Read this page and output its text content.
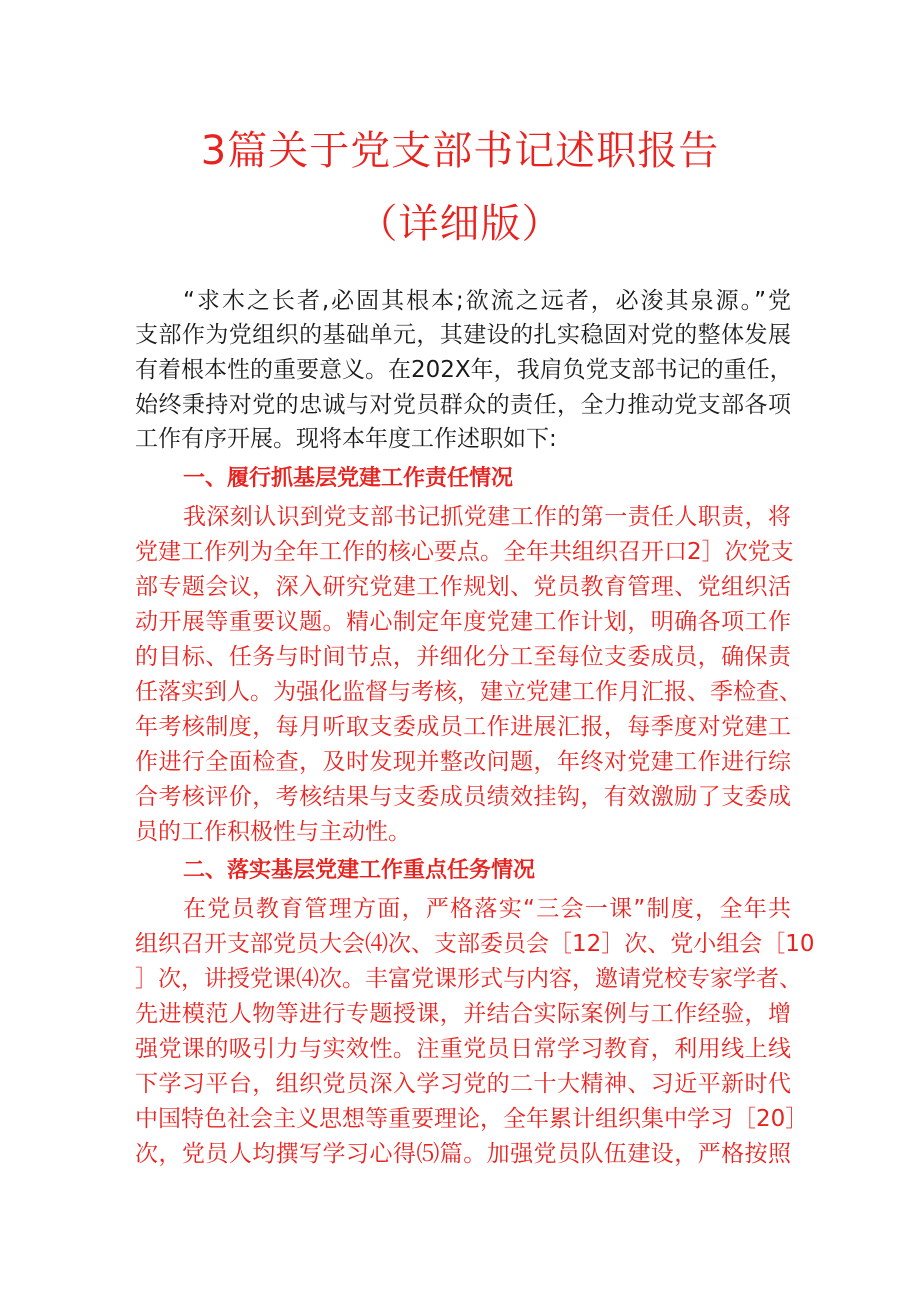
3篇关于党支部书记述职报告
（详细版）
“求木之长者,必固其根本;欲流之远者，必浚其泉源。”党
支部作为党组织的基础单元，其建设的扎实稳固对党的整体发展
有着根本性的重要意义。在202X年，我肩负党支部书记的重任，
始终秉持对党的忠诚与对党员群众的责任，全力推动党支部各项
工作有序开展。现将本年度工作述职如下:
一、履行抓基层党建工作责任情况
我深刻认识到党支部书记抓党建工作的第一责任人职责，将
党建工作列为全年工作的核心要点。全年共组织召开口2］次党支
部专题会议，深入研究党建工作规划、党员教育管理、党组织活
动开展等重要议题。精心制定年度党建工作计划，明确各项工作
的目标、任务与时间节点，并细化分工至每位支委成员，确保责
任落实到人。为强化监督与考核，建立党建工作月汇报、季检查、
年考核制度，每月听取支委成员工作进展汇报，每季度对党建工
作进行全面检查，及时发现并整改问题，年终对党建工作进行综
合考核评价，考核结果与支委成员绩效挂钩，有效激励了支委成
员的工作积极性与主动性。
二、落实基层党建工作重点任务情况
在党员教育管理方面，严格落实“三会一课”制度，全年共
组织召开支部党员大会⑷次、支部委员会［12］次、党小组会［10
］次，讲授党课⑷次。丰富党课形式与内容，邀请党校专家学者、
先进模范人物等进行专题授课，并结合实际案例与工作经验，增
强党课的吸引力与实效性。注重党员日常学习教育，利用线上线
下学习平台，组织党员深入学习党的二十大精神、习近平新时代
中国特色社会主义思想等重要理论，全年累计组织集中学习［20］
次，党员人均撰写学习心得⑸篇。加强党员队伍建设，严格按照
